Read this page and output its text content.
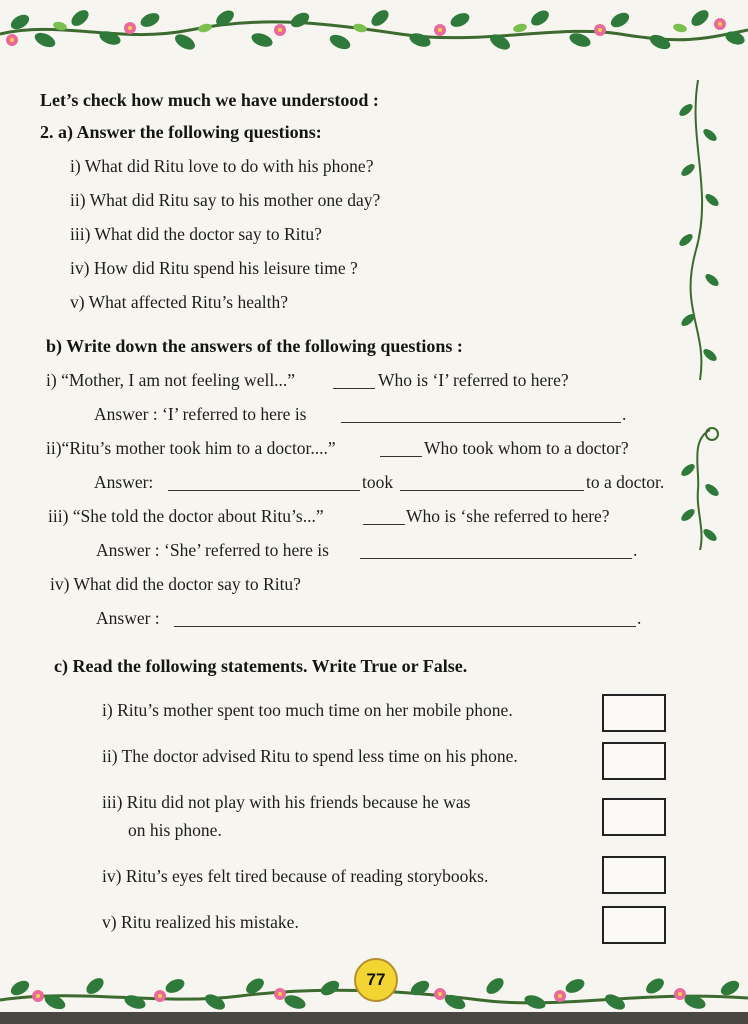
Let’s check how much we have understood :
2. a) Answer the following questions:
i) What did Ritu love to do with his phone?
ii) What did Ritu say to his mother one day?
iii) What did the doctor say to Ritu?
iv) How did Ritu spend his leisure time ?
v) What affected Ritu’s health?
b) Write down the answers of the following questions :
i) “Mother, I am not feeling well...”	Who is ‘I’ referred to here?
Answer : ‘I’ referred to here is	.
ii)“Ritu’s mother took him to a doctor....”	Who took whom to a doctor?
Answer:	took	to a doctor.
iii) “She told the doctor about Ritu’s...”	Who is ‘she referred to here?
Answer : ‘She’ referred to here is	.
iv) What did the doctor say to Ritu?
Answer :	.
c) Read the following statements. Write True or False.
i) Ritu’s mother spent too much time on her mobile phone.
ii) The doctor advised Ritu to spend less time on his phone.
iii) Ritu did not play with his friends because he was
on his phone.
iv) Ritu’s eyes felt tired because of reading storybooks.
v) Ritu realized his mistake.
77
